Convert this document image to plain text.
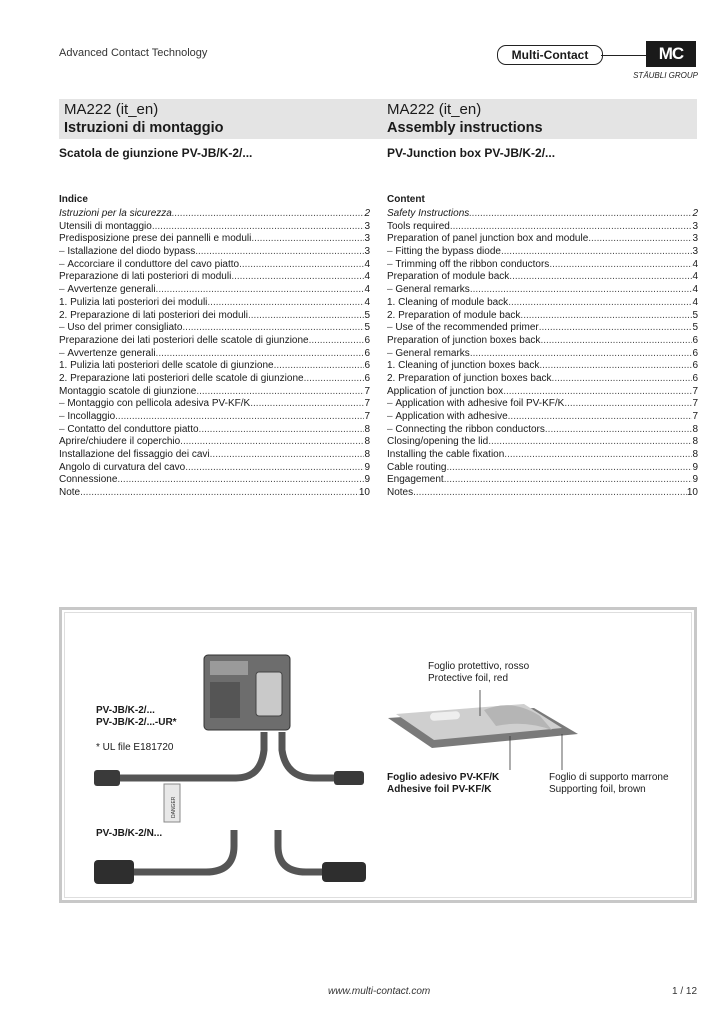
Advanced Contact Technology	Multi-Contact	MC
STÄUBLI GROUP
MA222 (it_en)
Istruzioni di montaggio
MA222 (it_en)
Assembly instructions
Scatola de giunzione PV-JB/K-2/...	PV-Junction box PV-JB/K-2/...
Indice	Content
Istruzioni per la sicurezza .....	2
Utensili di montaggio .....	3
Predisposizione prese dei pannelli e moduli .....	3
– Istallazione del diodo bypass .....	3
– Accorciare il conduttore del cavo piatto .....	4
Preparazione di lati posteriori di moduli .....	4
– Avvertenze generali .....	4
1. Pulizia lati posteriori dei moduli .....	4
2. Preparazione di lati posteriori dei moduli .....	5
– Uso del primer consigliato .....	5
Preparazione dei lati posteriori delle scatole di giunzione .....	6
– Avvertenze generali .....	6
1. Pulizia lati posteriori delle scatole di giunzione .....	6
2. Preparazione lati posteriori delle scatole di giunzione .....	6
Montaggio scatole di giunzione .....	7
– Montaggio con pellicola adesiva PV-KF/K .....	7
– Incollaggio .....	7
– Contatto del conduttore piatto .....	8
Aprire/chiudere il coperchio .....	8
Installazione del fissaggio dei cavi .....	8
Angolo di curvatura del cavo .....	9
Connessione .....	9
Note .....	10
Safety Instructions .....	2
Tools required .....	3
Preparation of panel junction box and module .....	3
– Fitting the bypass diode .....	3
– Trimming off the ribbon conductors .....	4
Preparation of module back .....	4
– General remarks .....	4
1. Cleaning of module back .....	4
2. Preparation of module back .....	5
– Use of the recommended primer .....	5
Preparation of junction boxes back .....	6
– General remarks .....	6
1. Cleaning of junction boxes back .....	6
2. Preparation of junction boxes back .....	6
Application of junction box .....	7
– Application with adhesive foil PV-KF/K .....	7
– Application with adhesive .....	7
– Connecting the ribbon conductors .....	8
Closing/opening the lid .....	8
Installing the cable fixation .....	8
Cable routing .....	9
Engagement .....	9
Notes .....	10
DANGER
PV-JB/K-2/...
PV-JB/K-2/...-UR*
* UL file E181720
PV-JB/K-2/N...
Foglio protettivo, rosso
Protective foil, red
Foglio adesivo PV-KF/K
Adhesive foil PV-KF/K
Foglio di supporto marrone
Supporting foil, brown
www.multi-contact.com	1 / 12
